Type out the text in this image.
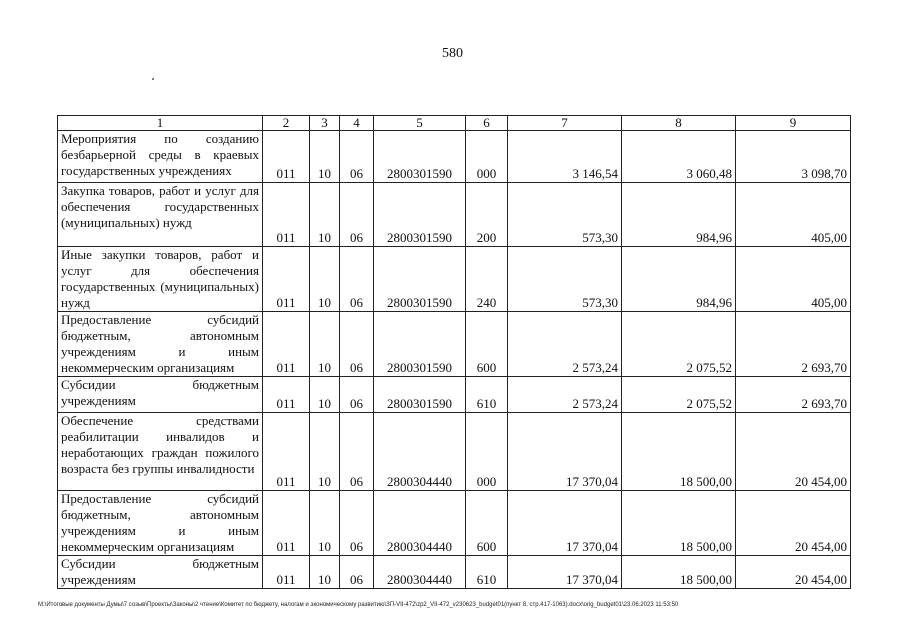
580
1	2	3	4	5	6	7	8	9
Мероприятия по созданию безбарьерной среды в краевых государственных учреждениях	011	10	06	2800301590	000	3 146,54	3 060,48	3 098,70
Закупка товаров, работ и услуг для обеспечения государственных (муниципальных) нужд	011	10	06	2800301590	200	573,30	984,96	405,00
Иные закупки товаров, работ и услуг для обеспечения государственных (муниципальных) нужд	011	10	06	2800301590	240	573,30	984,96	405,00
Предоставление субсидий бюджетным, автономным учреждениям и иным некоммерческим организациям	011	10	06	2800301590	600	2 573,24	2 075,52	2 693,70
Субсидии бюджетным учреждениям	011	10	06	2800301590	610	2 573,24	2 075,52	2 693,70
Обеспечение средствами реабилитации инвалидов и неработающих граждан пожилого возраста без группы инвалидности	011	10	06	2800304440	000	17 370,04	18 500,00	20 454,00
Предоставление субсидий бюджетным, автономным учреждениям и иным некоммерческим организациям	011	10	06	2800304440	600	17 370,04	18 500,00	20 454,00
Субсидии бюджетным учреждениям	011	10	06	2800304440	610	17 370,04	18 500,00	20 454,00
M:\Итоговые документы Думы\7 созыв\Проекты\Законы\2 чтение\Комитет по бюджету, налогам и экономическому развитию\ЗП-VII-472\zp2_VII-472_v230623_budget01(пункт 8, стр.417-1063).docx\orig_budget01\23.06.2023 11:53:50
